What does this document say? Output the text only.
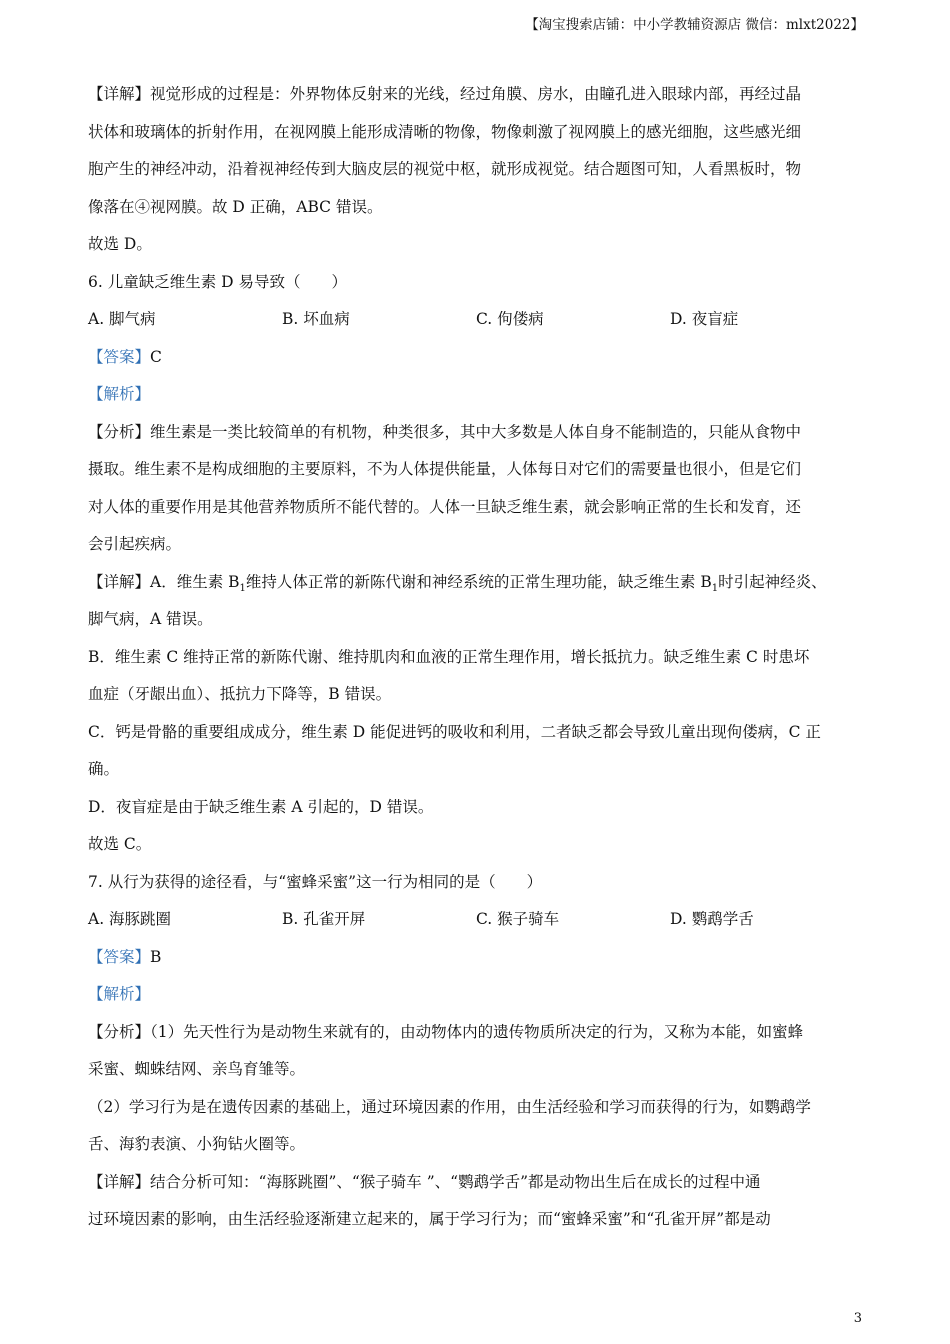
【淘宝搜索店铺：中小学教辅资源店 微信：mlxt2022】

【详解】视觉形成的过程是：外界物体反射来的光线，经过角膜、房水，由瞳孔进入眼球内部，再经过晶

状体和玻璃体的折射作用，在视网膜上能形成清晰的物像，物像刺激了视网膜上的感光细胞，这些感光细

胞产生的神经冲动，沿着视神经传到大脑皮层的视觉中枢，就形成视觉。结合题图可知，人看黑板时，物

像落在④视网膜。故 D 正确，ABC 错误。

故选 D。

6. 儿童缺乏维生素 D 易导致（　　）

A. 脚气病	B. 坏血病	C. 佝偻病	D. 夜盲症

【答案】C

【解析】

【分析】维生素是一类比较简单的有机物，种类很多，其中大多数是人体自身不能制造的，只能从食物中

摄取。维生素不是构成细胞的主要原料，不为人体提供能量，人体每日对它们的需要量也很小，但是它们

对人体的重要作用是其他营养物质所不能代替的。人体一旦缺乏维生素，就会影响正常的生长和发育，还

会引起疾病。

【详解】A．维生素 $B_1$维持人体正常的新陈代谢和神经系统的正常生理功能，缺乏维生素 $B_1$时引起神经炎、

脚气病，A 错误。

B．维生素 C 维持正常的新陈代谢、维持肌肉和血液的正常生理作用，增长抵抗力。缺乏维生素 C 时患坏

血症（牙龈出血）、抵抗力下降等，B 错误。

C．钙是骨骼的重要组成成分，维生素 D 能促进钙的吸收和利用，二者缺乏都会导致儿童出现佝偻病，C 正

确。

D．夜盲症是由于缺乏维生素 A 引起的，D 错误。

故选 C。

7. 从行为获得的途径看，与“蜜蜂采蜜”这一行为相同的是（　　）

A. 海豚跳圈	B. 孔雀开屏	C. 猴子骑车	D. 鹦鹉学舌

【答案】B

【解析】

【分析】（1）先天性行为是动物生来就有的，由动物体内的遗传物质所决定的行为，又称为本能，如蜜蜂

采蜜、蜘蛛结网、亲鸟育雏等。

（2）学习行为是在遗传因素的基础上，通过环境因素的作用，由生活经验和学习而获得的行为，如鹦鹉学

舌、海豹表演、小狗钻火圈等。

【详解】结合分析可知：“海豚跳圈”、“猴子骑车 ”、“鹦鹉学舌”都是动物出生后在成长的过程中通

过环境因素的影响，由生活经验逐渐建立起来的，属于学习行为；而“蜜蜂采蜜”和“孔雀开屏”都是动

3
